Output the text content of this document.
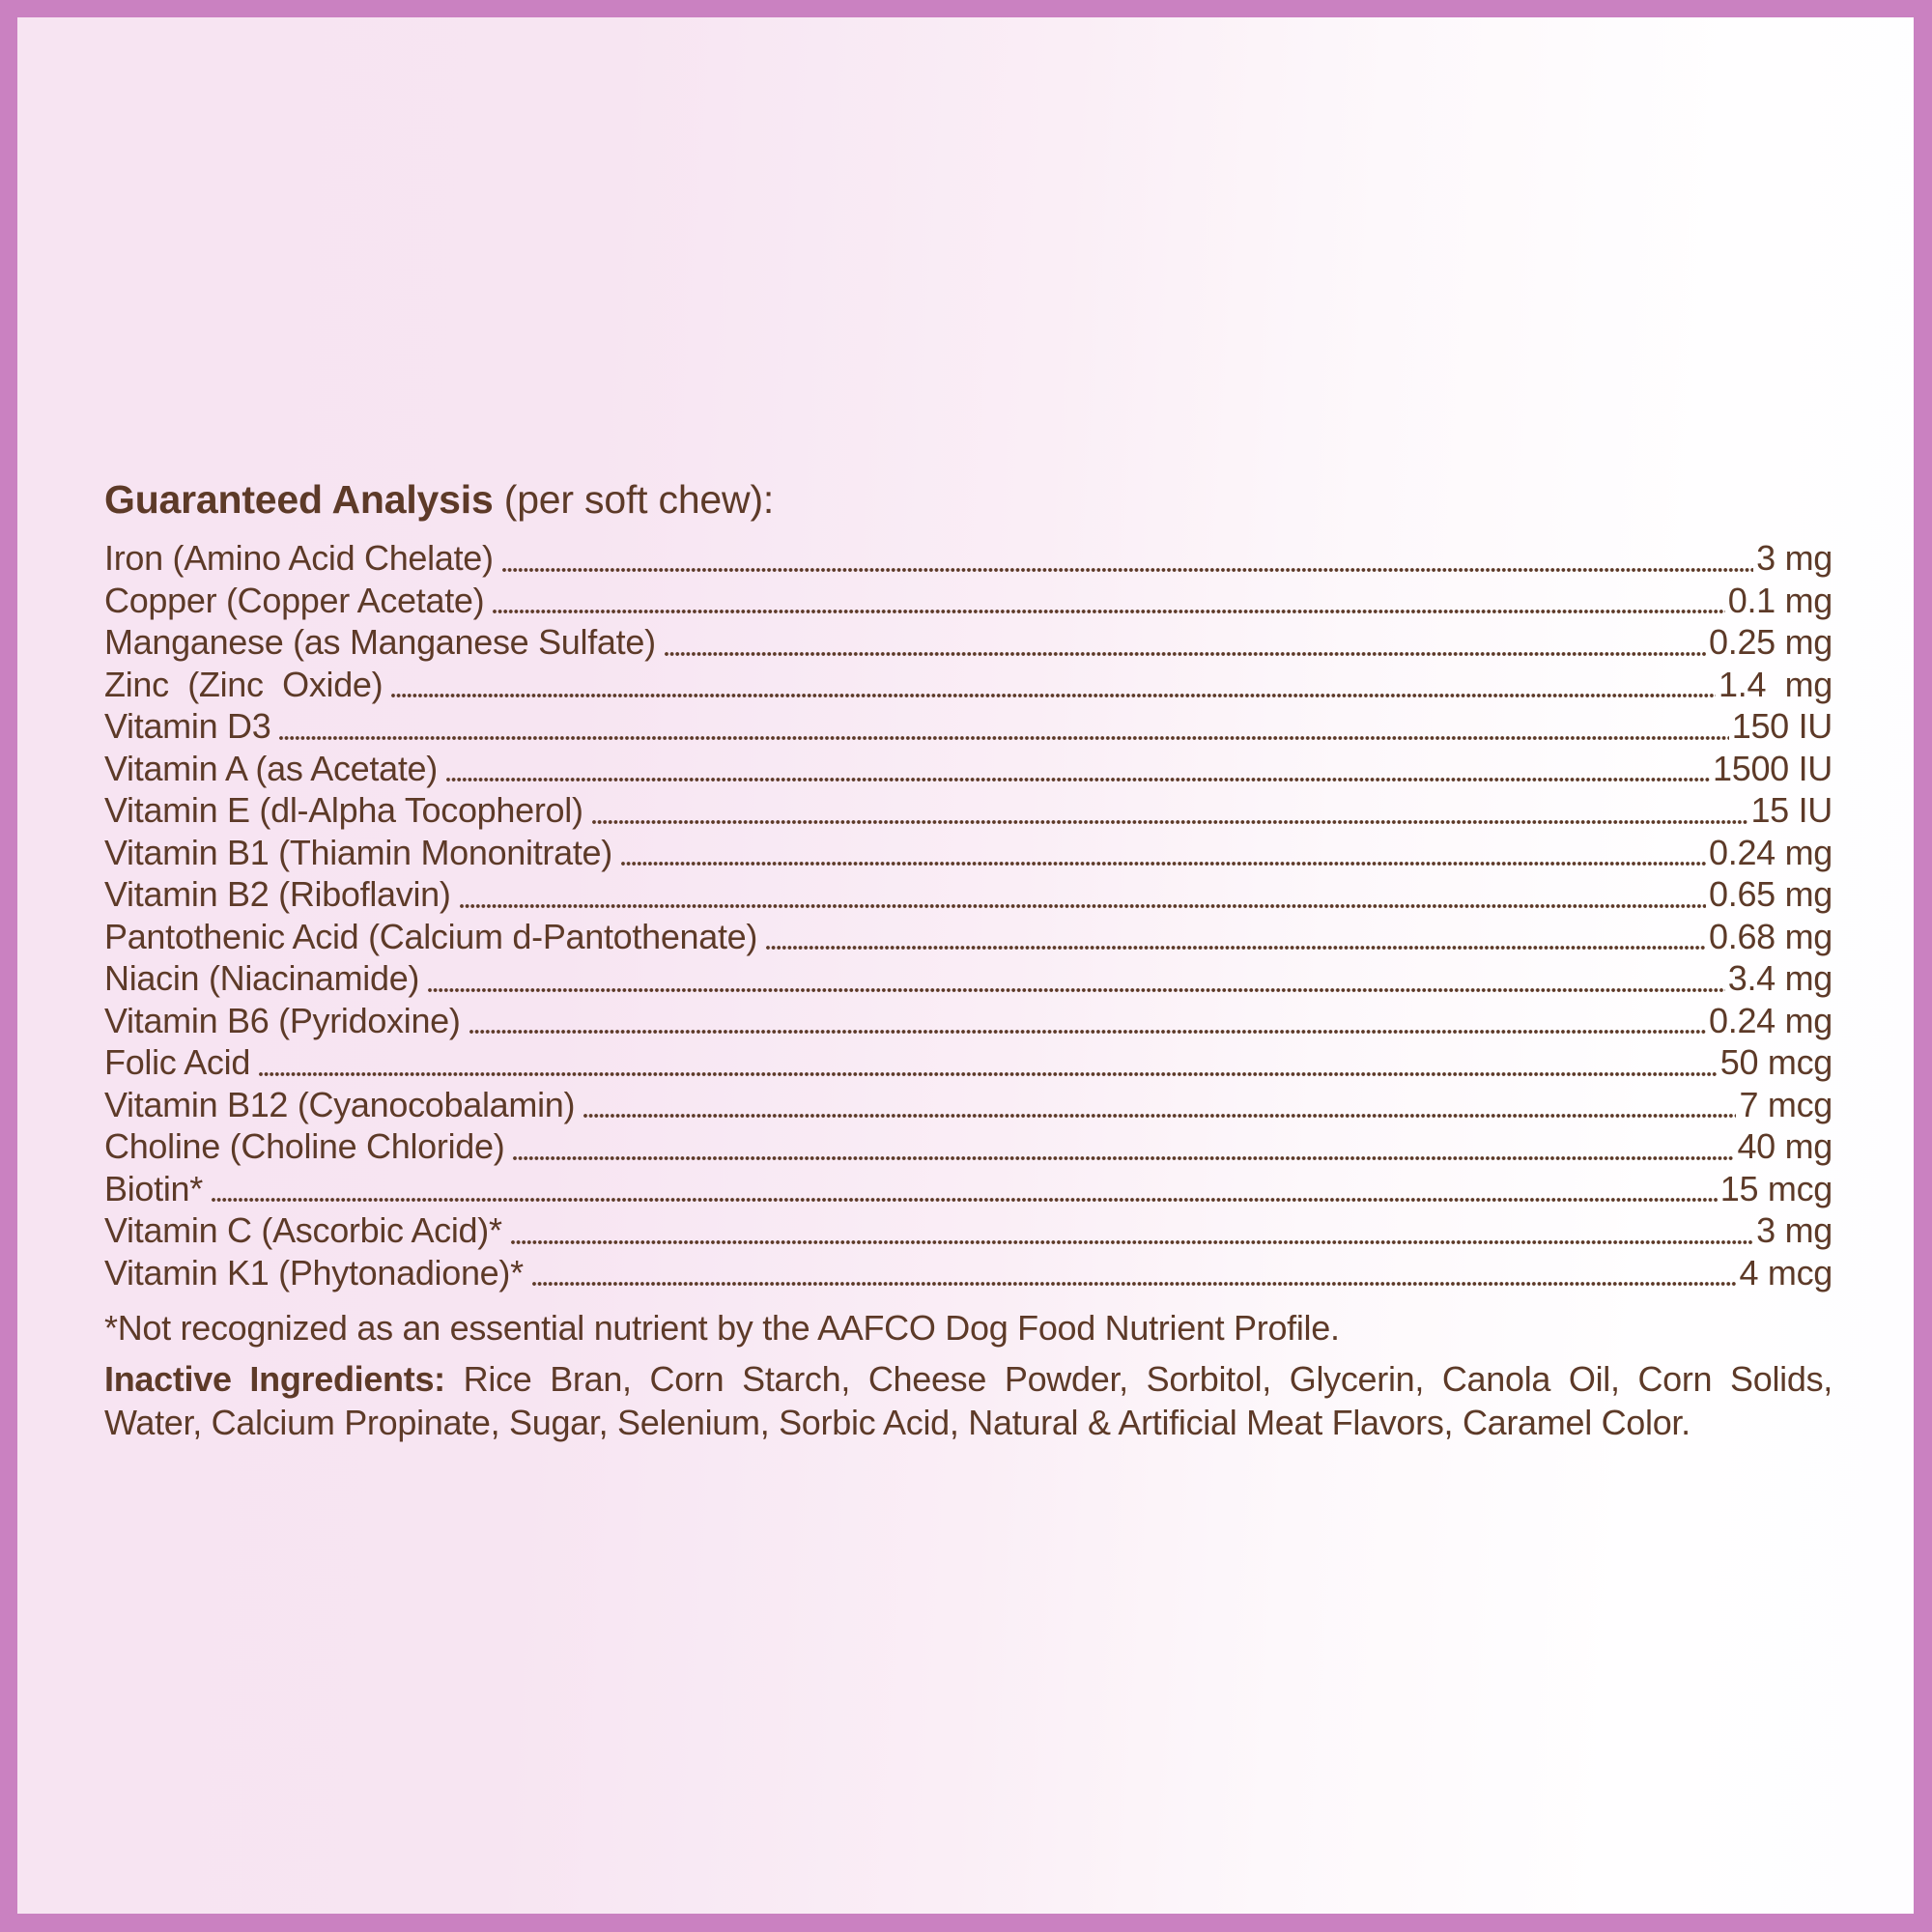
Guaranteed Analysis (per soft chew):
Iron (Amino Acid Chelate)	3 mg
Copper (Copper Acetate)	0.1 mg
Manganese (as Manganese Sulfate)	0.25 mg
Zinc  (Zinc  Oxide)	1.4  mg
Vitamin D3	150 IU
Vitamin A (as Acetate)	1500 IU
Vitamin E (dl-Alpha Tocopherol)	15 IU
Vitamin B1 (Thiamin Mononitrate)	0.24 mg
Vitamin B2 (Riboflavin)	0.65 mg
Pantothenic Acid (Calcium d-Pantothenate)	0.68 mg
Niacin (Niacinamide)	3.4 mg
Vitamin B6 (Pyridoxine)	0.24 mg
Folic Acid	50 mcg
Vitamin B12 (Cyanocobalamin)	7 mcg
Choline (Choline Chloride)	40 mg
Biotin*	15 mcg
Vitamin C (Ascorbic Acid)*	3 mg
Vitamin K1 (Phytonadione)*	4 mcg
*Not recognized as an essential nutrient by the AAFCO Dog Food Nutrient Profile.
Inactive Ingredients: Rice Bran, Corn Starch, Cheese Powder, Sorbitol, Glycerin, Canola Oil, Corn Solids,
Water, Calcium Propinate, Sugar, Selenium, Sorbic Acid, Natural & Artificial Meat Flavors, Caramel Color.
